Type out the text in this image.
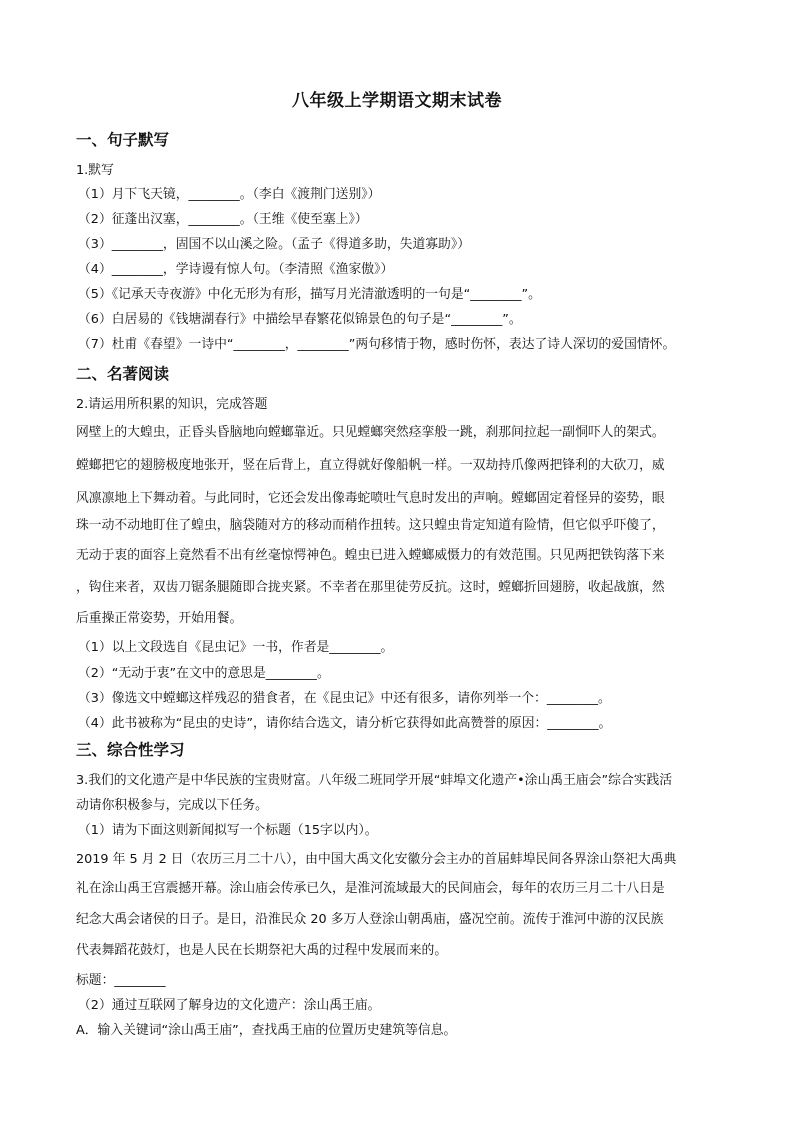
八年级上学期语文期末试卷
一、句子默写
1.默写
（1）月下飞天镜，________。（李白《渡荆门送别》）
（2）征蓬出汉塞，________。（王维《使至塞上》）
（3）________，固国不以山溪之险。（孟子《得道多助，失道寡助》）
（4）________，学诗谩有惊人句。（李清照《渔家傲》）
（5）《记承天寺夜游》中化无形为有形，描写月光清澈透明的一句是“________”。
（6）白居易的《钱塘湖春行》中描绘早春繁花似锦景色的句子是“________”。
（7）杜甫《春望》一诗中“________，________”两句移情于物，感时伤怀，表达了诗人深切的爱国情怀。
二、名著阅读
2.请运用所积累的知识，完成答题
网壁上的大蝗虫，正昏头昏脑地向螳螂靠近。只见螳螂突然痉挛般一跳，刹那间拉起一副恫吓人的架式。
螳螂把它的翅膀极度地张开，竖在后背上，直立得就好像船帆一样。一双劫持爪像两把锋利的大砍刀，威
风凛凛地上下舞动着。与此同时，它还会发出像毒蛇喷吐气息时发出的声响。螳螂固定着怪异的姿势，眼
珠一动不动地盯住了蝗虫，脑袋随对方的移动而稍作扭转。这只蝗虫肯定知道有险情，但它似乎吓傻了，
无动于衷的面容上竟然看不出有丝毫惊愕神色。蝗虫已进入螳螂威慑力的有效范围。只见两把铁钩落下来
，钩住来者，双齿刀锯条腿随即合拢夹紧。不幸者在那里徒劳反抗。这时，螳螂折回翅膀，收起战旗，然
后重操正常姿势，开始用餐。
（1）以上文段选自《昆虫记》一书，作者是________。
（2）“无动于衷”在文中的意思是________。
（3）像选文中螳螂这样残忍的猎食者，在《昆虫记》中还有很多，请你列举一个：________。
（4）此书被称为“昆虫的史诗”，请你结合选文，请分析它获得如此高赞誉的原因：________。
三、综合性学习
3.我们的文化遗产是中华民族的宝贵财富。八年级二班同学开展“蚌埠文化遗产•涂山禹王庙会”综合实践活
动请你积极参与，完成以下任务。
（1）请为下面这则新闻拟写一个标题（15字以内）。
2019 年 5 月 2 日（农历三月二十八），由中国大禹文化安徽分会主办的首届蚌埠民间各界涂山祭祀大禹典
礼在涂山禹王宫震撼开幕。涂山庙会传承已久，是淮河流域最大的民间庙会，每年的农历三月二十八日是
纪念大禹会诸侯的日子。是日，沿淮民众 20 多万人登涂山朝禹庙，盛况空前。流传于淮河中游的汉民族
代表舞蹈花鼓灯，也是人民在长期祭祀大禹的过程中发展而来的。
标题：________
（2）通过互联网了解身边的文化遗产：涂山禹王庙。
A．输入关键词“涂山禹王庙”，查找禹王庙的位置历史建筑等信息。
